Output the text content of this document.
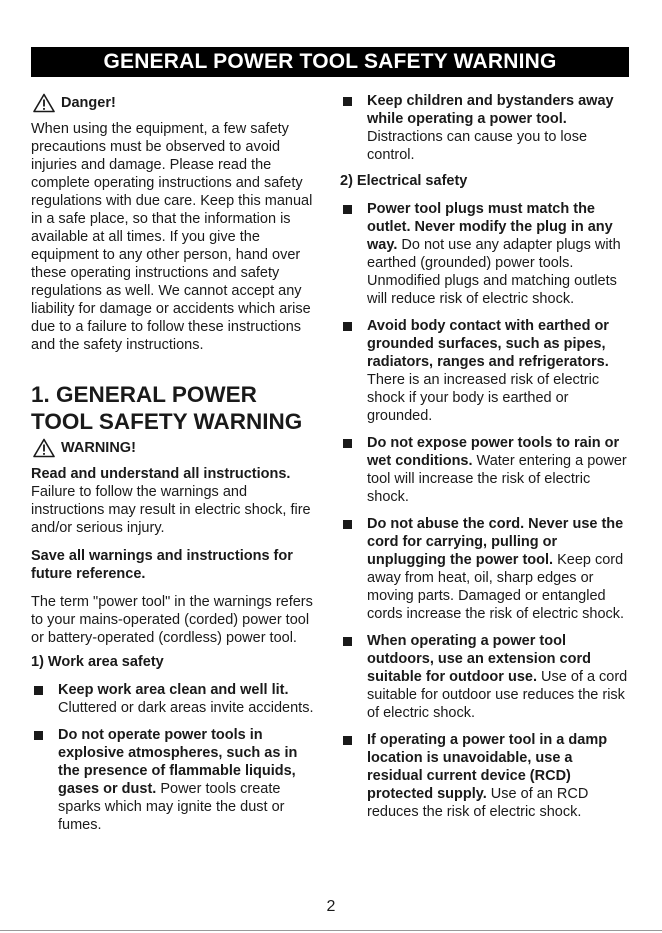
GENERAL POWER TOOL SAFETY WARNING
Danger!

When using the equipment, a few safety precautions must be observed to avoid injuries and damage. Please read the complete operating instructions and safety regulations with due care. Keep this manual in a safe place, so that the information is available at all times. If you give the equipment to any other person, hand over these operating instructions and safety regulations as well. We cannot accept any liability for damage or accidents which arise due to a failure to follow these instructions and the safety instructions.

1. GENERAL POWER TOOL SAFETY WARNING
WARNING!

Read and understand all instructions.

Failure to follow the warnings and instructions may result in electric shock, fire and/or serious injury.

Save all warnings and instructions for future reference.

The term "power tool" in the warnings refers to your mains-operated (corded) power tool or battery-operated (cordless) power tool.

1) Work area safety

Keep work area clean and well lit. Cluttered or dark areas invite accidents.
Do not operate power tools in explosive atmospheres, such as in the presence of flammable liquids, gases or dust. Power tools create sparks which may ignite the dust or fumes.
Keep children and bystanders away while operating a power tool. Distractions can cause you to lose control.

2) Electrical safety

Power tool plugs must match the outlet. Never modify the plug in any way. Do not use any adapter plugs with earthed (grounded) power tools. Unmodified plugs and matching outlets will reduce risk of electric shock.
Avoid body contact with earthed or grounded surfaces, such as pipes, radiators, ranges and refrigerators. There is an increased risk of electric shock if your body is earthed or grounded.
Do not expose power tools to rain or wet conditions. Water entering a power tool will increase the risk of electric shock.
Do not abuse the cord. Never use the cord for carrying, pulling or unplugging the power tool. Keep cord away from heat, oil, sharp edges or moving parts. Damaged or entangled cords increase the risk of electric shock.
When operating a power tool outdoors, use an extension cord suitable for outdoor use. Use of a cord suitable for outdoor use reduces the risk of electric shock.
If operating a power tool in a damp location is unavoidable, use a residual current device (RCD) protected supply. Use of an RCD reduces the risk of electric shock.
2
